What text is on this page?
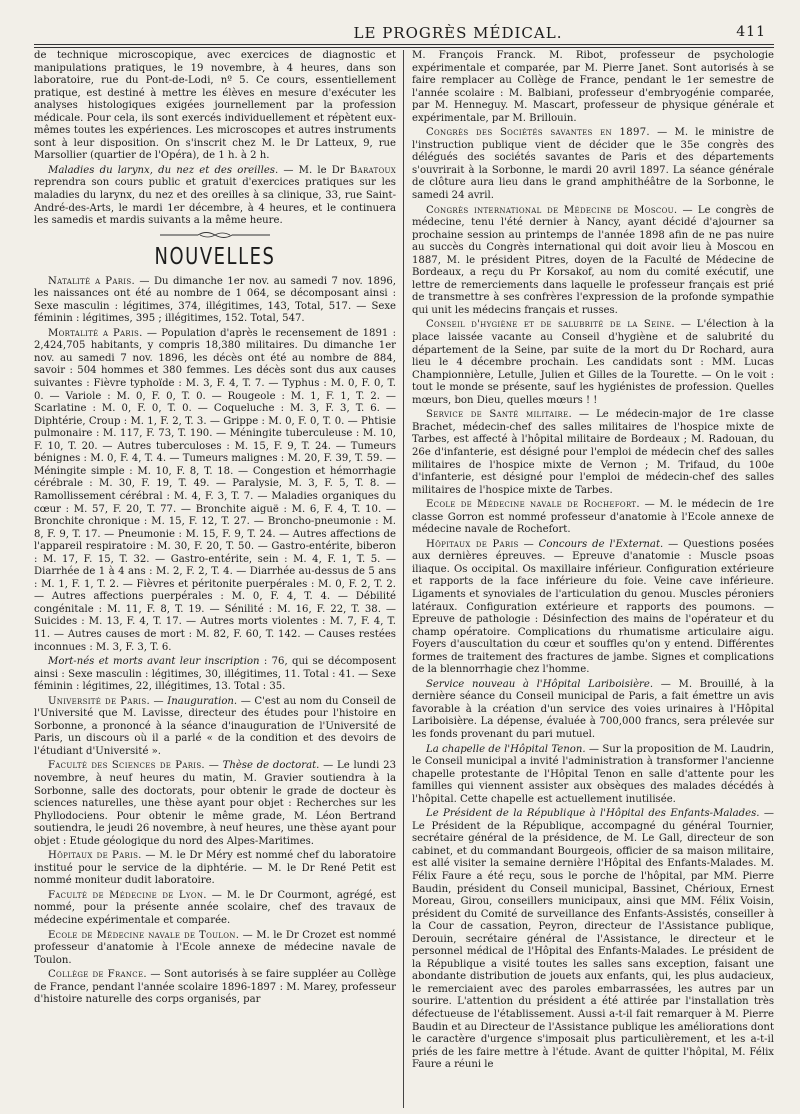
LE PROGRÈS MÉDICAL.	411

de technique microscopique, avec exercices de diagnostic et manipulations pratiques, le 19 novembre, à 4 heures, dans son laboratoire, rue du Pont-de-Lodi, nº 5. Ce cours, essentiellement pratique, est destiné à mettre les élèves en mesure d'exécuter les analyses histologiques exigées journellement par la profession médicale. Pour cela, ils sont exercés individuellement et répètent eux-mêmes toutes les expériences. Les microscopes et autres instruments sont à leur disposition. On s'inscrit chez M. le Dr Latteux, 9, rue Marsollier (quartier de l'Opéra), de 1 h. à 2 h.

Maladies du larynx, du nez et des oreilles. — M. le Dr Baratoux reprendra son cours public et gratuit d'exercices pratiques sur les maladies du larynx, du nez et des oreilles à sa clinique, 33, rue Saint-André-des-Arts, le mardi 1er décembre, à 4 heures, et le continuera les samedis et mardis suivants a la même heure.

NOUVELLES

Natalité a Paris. — Du dimanche 1er nov. au samedi 7 nov. 1896, les naissances ont été au nombre de 1 064, se décomposant ainsi : Sexe masculin : légitimes, 374, illégitimes, 143, Total, 517. — Sexe féminin : légitimes, 395 ; illégitimes, 152. Total, 547.

Mortalité a Paris. — Population d'après le recensement de 1891 : 2,424,705 habitants, y compris 18,380 militaires. Du dimanche 1er nov. au samedi 7 nov. 1896, les décès ont été au nombre de 884, savoir : 504 hommes et 380 femmes. Les décès sont dus aux causes suivantes : Fièvre typhoïde : M. 3, F. 4, T. 7. — Typhus : M. 0, F. 0, T. 0. — Variole : M. 0, F. 0, T. 0. — Rougeole : M. 1, F. 1, T. 2. — Scarlatine : M. 0, F. 0, T. 0. — Coqueluche : M. 3, F. 3, T. 6. — Diphtérie, Croup : M. 1, F. 2, T. 3. — Grippe : M. 0, F. 0, T. 0. — Phtisie pulmonaire : M. 117, F. 73, T. 190. — Méningite tuberculeuse : M. 10, F. 10, T. 20. — Autres tuberculoses : M. 15, F. 9, T. 24. — Tumeurs bénignes : M. 0, F. 4, T. 4. — Tumeurs malignes : M. 20, F. 39, T. 59. — Méningite simple : M. 10, F. 8, T. 18. — Congestion et hémorrhagie cérébrale : M. 30, F. 19, T. 49. — Paralysie, M. 3, F. 5, T. 8. — Ramollissement cérébral : M. 4, F. 3, T. 7. — Maladies organiques du cœur : M. 57, F. 20, T. 77. — Bronchite aiguë : M. 6, F. 4, T. 10. — Bronchite chronique : M. 15, F. 12, T. 27. — Broncho-pneumonie : M. 8, F. 9, T. 17. — Pneumonie : M. 15, F. 9, T. 24. — Autres affections de l'appareil respiratoire : M. 30, F. 20, T. 50. — Gastro-entérite, biberon : M. 17, F. 15, T. 32. — Gastro-entérite, sein : M. 4, F. 1, T. 5. — Diarrhée de 1 à 4 ans : M. 2, F. 2, T. 4. — Diarrhée au-dessus de 5 ans : M. 1, F. 1, T. 2. — Fièvres et péritonite puerpérales : M. 0, F. 2, T. 2. — Autres affections puerpérales : M. 0, F. 4, T. 4. — Débilité congénitale : M. 11, F. 8, T. 19. — Sénilité : M. 16, F. 22, T. 38. — Suicides : M. 13, F. 4, T. 17. — Autres morts violentes : M. 7, F. 4, T. 11. — Autres causes de mort : M. 82, F. 60, T. 142. — Causes restées inconnues : M. 3, F. 3, T. 6.

Mort-nés et morts avant leur inscription : 76, qui se décomposent ainsi : Sexe masculin : légitimes, 30, illégitimes, 11. Total : 41. — Sexe féminin : légitimes, 22, illégitimes, 13. Total : 35.

Université de Paris. — Inauguration. — C'est au nom du Conseil de l'Université que M. Lavisse, directeur des études pour l'histoire en Sorbonne, a prononcé à la séance d'inauguration de l'Université de Paris, un discours où il a parlé « de la condition et des devoirs de l'étudiant d'Université ».

Faculté des Sciences de Paris. — Thèse de doctorat. — Le lundi 23 novembre, à neuf heures du matin, M. Gravier soutiendra à la Sorbonne, salle des doctorats, pour obtenir le grade de docteur ès sciences naturelles, une thèse ayant pour objet : Recherches sur les Phyllodociens. Pour obtenir le même grade, M. Léon Bertrand soutiendra, le jeudi 26 novembre, à neuf heures, une thèse ayant pour objet : Etude géologique du nord des Alpes-Maritimes.

Hôpitaux de Paris. — M. le Dr Méry est nommé chef du laboratoire institué pour le service de la diphtérie. — M. le Dr René Petit est nommé moniteur dudit laboratoire.

Faculté de Médecine de Lyon. — M. le Dr Courmont, agrégé, est nommé, pour la présente année scolaire, chef des travaux de médecine expérimentale et comparée.

Ecole de Médecine navale de Toulon. — M. le Dr Crozet est nommé professeur d'anatomie à l'Ecole annexe de médecine navale de Toulon.

Collège de France. — Sont autorisés à se faire suppléer au Collège de France, pendant l'année scolaire 1896-1897 : M. Marey, professeur d'histoire naturelle des corps organisés, par

M. François Franck. M. Ribot, professeur de psychologie expérimentale et comparée, par M. Pierre Janet. Sont autorisés à se faire remplacer au Collège de France, pendant le 1er semestre de l'année scolaire : M. Balbiani, professeur d'embryogénie comparée, par M. Henneguy. M. Mascart, professeur de physique générale et expérimentale, par M. Brillouin.

Congrès des Sociétés savantes en 1897. — M. le ministre de l'instruction publique vient de décider que le 35e congrès des délégués des sociétés savantes de Paris et des départements s'ouvrirait à la Sorbonne, le mardi 20 avril 1897. La séance générale de clôture aura lieu dans le grand amphithéâtre de la Sorbonne, le samedi 24 avril.

Congrès international de Médecine de Moscou. — Le congrès de médecine, tenu l'été dernier à Nancy, ayant décidé d'ajourner sa prochaine session au printemps de l'année 1898 afin de ne pas nuire au succès du Congrès international qui doit avoir lieu à Moscou en 1887, M. le président Pitres, doyen de la Faculté de Médecine de Bordeaux, a reçu du Pr Korsakof, au nom du comité exécutif, une lettre de remerciements dans laquelle le professeur français est prié de transmettre à ses confrères l'expression de la profonde sympathie qui unit les médecins français et russes.

Conseil d'hygiène et de salubrité de la Seine. — L'élection à la place laissée vacante au Conseil d'hygiène et de salubrité du département de la Seine, par suite de la mort du Dr Rochard, aura lieu le 4 décembre prochain. Les candidats sont : MM. Lucas Championnière, Letulle, Julien et Gilles de la Tourette. — On le voit : tout le monde se présente, sauf les hygiénistes de profession. Quelles mœurs, bon Dieu, quelles mœurs ! !

Service de Santé militaire. — Le médecin-major de 1re classe Brachet, médecin-chef des salles militaires de l'hospice mixte de Tarbes, est affecté à l'hôpital militaire de Bordeaux ; M. Radouan, du 26e d'infanterie, est désigné pour l'emploi de médecin chef des salles militaires de l'hospice mixte de Vernon ; M. Trifaud, du 100e d'infanterie, est désigné pour l'emploi de médecin-chef des salles militaires de l'hospice mixte de Tarbes.

Ecole de Médecine navale de Rochefort. — M. le médecin de 1re classe Gorron est nommé professeur d'anatomie à l'Ecole annexe de médecine navale de Rochefort.

Hôpitaux de Paris — Concours de l'Externat. — Questions posées aux dernières épreuves. — Epreuve d'anatomie : Muscle psoas iliaque. Os occipital. Os maxillaire inférieur. Configuration extérieure et rapports de la face inférieure du foie. Veine cave inférieure. Ligaments et synoviales de l'articulation du genou. Muscles péroniers latéraux. Configuration extérieure et rapports des poumons. — Epreuve de pathologie : Désinfection des mains de l'opérateur et du champ opératoire. Complications du rhumatisme articulaire aigu. Foyers d'auscultation du cœur et souffles qu'on y entend. Différentes formes de traitement des fractures de jambe. Signes et complications de la blennorrhagie chez l'homme.

Service nouveau à l'Hôpital Lariboisière. — M. Brouillé, à la dernière séance du Conseil municipal de Paris, a fait émettre un avis favorable à la création d'un service des voies urinaires à l'Hôpital Lariboisière. La dépense, évaluée à 700,000 francs, sera prélevée sur les fonds provenant du pari mutuel.

La chapelle de l'Hôpital Tenon. — Sur la proposition de M. Laudrin, le Conseil municipal a invité l'administration à transformer l'ancienne chapelle protestante de l'Hôpital Tenon en salle d'attente pour les familles qui viennent assister aux obsèques des malades décédés à l'hôpital. Cette chapelle est actuellement inutilisée.

Le Président de la République à l'Hôpital des Enfants-Malades. — Le Président de la République, accompagné du général Tournier, secrétaire général de la présidence, de M. Le Gall, directeur de son cabinet, et du commandant Bourgeois, officier de sa maison militaire, est allé visiter la semaine dernière l'Hôpital des Enfants-Malades. M. Félix Faure a été reçu, sous le porche de l'hôpital, par MM. Pierre Baudin, président du Conseil municipal, Bassinet, Chérioux, Ernest Moreau, Girou, conseillers municipaux, ainsi que MM. Félix Voisin, président du Comité de surveillance des Enfants-Assistés, conseiller à la Cour de cassation, Peyron, directeur de l'Assistance publique, Derouin, secrétaire général de l'Assistance, le directeur et le personnel médical de l'Hôpital des Enfants-Malades. Le président de la République a visité toutes les salles sans exception, faisant une abondante distribution de jouets aux enfants, qui, les plus audacieux, le remerciaient avec des paroles embarrassées, les autres par un sourire. L'attention du président a été attirée par l'installation très défectueuse de l'établissement. Aussi a-t-il fait remarquer à M. Pierre Baudin et au Directeur de l'Assistance publique les améliorations dont le caractère d'urgence s'imposait plus particulièrement, et les a-t-il priés de les faire mettre à l'étude. Avant de quitter l'hôpital, M. Félix Faure a réuni le
